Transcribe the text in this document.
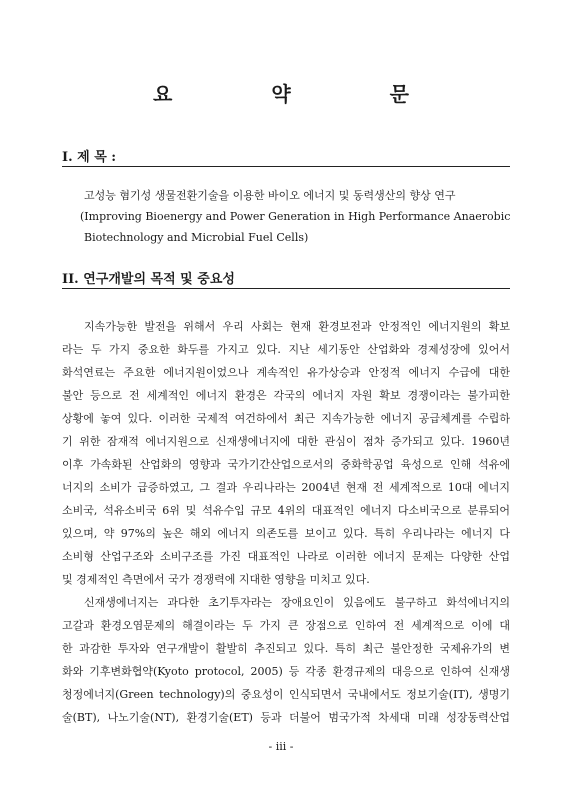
요 약 문
I. 제 목 :
고성능 혐기성 생물전환기술을 이용한 바이오 에너지 및 동력생산의 향상 연구
(Improving Bioenergy and Power Generation in High Performance Anaerobic
Biotechnology and Microbial Fuel Cells)
II. 연구개발의 목적 및 중요성
지속가능한 발전을 위해서 우리 사회는 현재 환경보전과 안정적인 에너지원의 확보
라는 두 가지 중요한 화두를 가지고 있다. 지난 세기동안 산업화와 경제성장에 있어서
화석연료는 주요한 에너지원이었으나 계속적인 유가상승과 안정적 에너지 수급에 대한
불안 등으로 전 세계적인 에너지 환경은 각국의 에너지 자원 확보 경쟁이라는 불가피한
상황에 놓여 있다. 이러한 국제적 여건하에서 최근 지속가능한 에너지 공급체계를 수립하
기 위한 잠재적 에너지원으로 신재생에너지에 대한 관심이 점차 증가되고 있다. 1960년
이후 가속화된 산업화의 영향과 국가기간산업으로서의 중화학공업 육성으로 인해 석유에
너지의 소비가 급증하였고, 그 결과 우리나라는 2004년 현재 전 세계적으로 10대 에너지
소비국, 석유소비국 6위 및 석유수입 규모 4위의 대표적인 에너지 다소비국으로 분류되어
있으며, 약 97%의 높은 해외 에너지 의존도를 보이고 있다. 특히 우리나라는 에너지 다
소비형 산업구조와 소비구조를 가진 대표적인 나라로 이러한 에너지 문제는 다양한 산업
및 경제적인 측면에서 국가 경쟁력에 지대한 영향을 미치고 있다.
신재생에너지는 과다한 초기투자라는 장애요인이 있음에도 불구하고 화석에너지의
고갈과 환경오염문제의 해결이라는 두 가지 큰 장점으로 인하여 전 세계적으로 이에 대
한 과감한 투자와 연구개발이 활발히 추진되고 있다. 특히 최근 불안정한 국제유가의 변
화와 기후변화협약(Kyoto protocol, 2005) 등 각종 환경규제의 대응으로 인하여 신재생
청정에너지(Green technology)의 중요성이 인식되면서 국내에서도 정보기술(IT), 생명기
술(BT), 나노기술(NT), 환경기술(ET) 등과 더불어 범국가적 차세대 미래 성장동력산업
- iii -
